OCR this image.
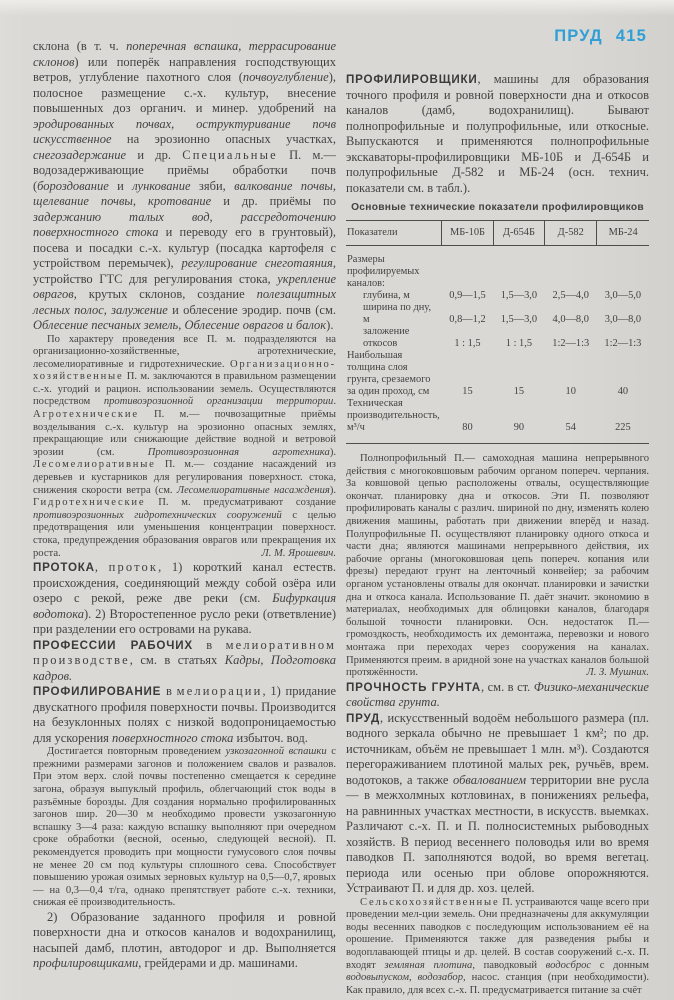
ПРУД 415

склона (в т. ч. поперечная вспашка, террасирование склонов) или поперёк направления господствующих ветров, углубление пахотного слоя (почвоуглубление), полосное размещение с.-х. культур, внесение повышенных доз органич. и минер. удобрений на эродированных почвах, оструктуривание почв искусственное на эрозионно опасных участках, снегозадержание и др. Специальные П. м.— водозадерживающие приёмы обработки почв (бороздование и лункование зяби, валкование почвы, щелевание почвы, кротование и др. приёмы по задержанию талых вод, рассредоточению поверхностного стока и переводу его в грунтовый), посева и посадки с.-х. культур (посадка картофеля с устройством перемычек), регулирование снеготаяния, устройство ГТС для регулирования стока, укрепление оврагов, крутых склонов, создание полезащитных лесных полос, залужение и облесение эродир. почв (см. Облесение песчаных земель, Облесение оврагов и балок).

По характеру проведения все П. м. подразделяются на организационно-хозяйственные, агротехнические, лесомелиоративные и гидротехнические. Организационно-хозяйственные П. м. заключаются в правильном размещении с.-х. угодий и рацион. использовании земель. Осуществляются посредством противоэрозионной организации территории. Агротехнические П. м.— почвозащитные приёмы возделывания с.-х. культур на эрозионно опасных землях, прекращающие или снижающие действие водной и ветровой эрозии (см. Противоэрозионная агротехника). Лесомелиоративные П. м.— создание насаждений из деревьев и кустарников для регулирования поверхност. стока, снижения скорости ветра (см. Лесомелиоративные насаждения). Гидротехнические П. м. предусматривают создание противоэрозионных гидротехнических сооружений с целью предотвращения или уменьшения концентрации поверхност. стока, предупреждения образования оврагов или прекращения их роста.	Л. М. Ярошевич.

ПРОТОКА, проток, 1) короткий канал естеств. происхождения, соединяющий между собой озёра или озеро с рекой, реже две реки (см. Бифуркация водотока). 2) Второстепенное русло реки (ответвление) при разделении его островами на рукава.

ПРОФЕССИИ РАБОЧИХ в мелиоративном производстве, см. в статьях Кадры, Подготовка кадров.

ПРОФИЛИРОВАНИЕ в мелиорации, 1) придание двускатного профиля поверхности почвы. Производится на безуклонных полях с низкой водопроницаемостью для ускорения поверхностного стока избыточ. вод.

Достигается повторным проведением узкозагонной вспашки с прежними размерами загонов и положением свалов и развалов. При этом верх. слой почвы постепенно смещается к середине загона, образуя выпуклый профиль, облегчающий сток воды в разъёмные борозды. Для создания нормально профилированных загонов шир. 20—30 м необходимо провести узкозагонную вспашку 3—4 раза: каждую вспашку выполняют при очередном сроке обработки (весной, осенью, следующей весной). П. рекомендуется проводить при мощности гумусового слоя почвы не менее 20 см под культуры сплошного сева. Способствует повышению урожая озимых зерновых культур на 0,5—0,7, яровых — на 0,3—0,4 т/га, однако препятствует работе с.-х. техники, снижая её производительность.

2) Образование заданного профиля и ровной поверхности дна и откосов каналов и водохранилищ, насыпей дамб, плотин, автодорог и др. Выполняется профилировщиками, грейдерами и др. машинами.

ПРОФИЛИРОВЩИКИ, машины для образования точного профиля и ровной поверхности дна и откосов каналов (дамб, водохранилищ). Бывают полнопрофильные и полупрофильные, или откосные. Выпускаются и применяются полнопрофильные экскаваторы-профилировщики МБ-10Б и Д-654Б и полупрофильные Д-582 и МБ-24 (осн. технич. показатели см. в табл.).

Основные технические показатели профилировщиков

Показатели	МБ-10Б	Д-654Б	Д-582	МБ-24
Размеры профилируемых каналов:				
глубина, м	0,9—1,5	1,5—3,0	2,5—4,0	3,0—5,0
ширина по дну, м	0,8—1,2	1,5—3,0	4,0—8,0	3,0—8,0
заложение откосов	1 : 1,5	1 : 1,5	1:2—1:3	1:2—1:3
Наибольшая толщина слоя грунта, срезаемого за один проход, см	15	15	10	40
Техническая производительность, м³/ч	80	90	54	225

Полнопрофильный П.— самоходная машина непрерывного действия с многоковшовым рабочим органом попереч. черпания. За ковшовой цепью расположены отвалы, осуществляющие окончат. планировку дна и откосов. Эти П. позволяют профилировать каналы с различ. шириной по дну, изменять колею движения машины, работать при движении вперёд и назад. Полупрофильные П. осуществляют планировку одного откоса и части дна; являются машинами непрерывного действия, их рабочие органы (многоковшовая цепь попереч. копания или фрезы) передают грунт на ленточный конвейер; за рабочим органом установлены отвалы для окончат. планировки и зачистки дна и откоса канала. Использование П. даёт значит. экономию в материалах, необходимых для облицовки каналов, благодаря большой точности планировки. Осн. недостаток П.— громоздкость, необходимость их демонтажа, перевозки и нового монтажа при переходах через сооружения на каналах. Применяются преим. в аридной зоне на участках каналов большой протяжённости.	Л. З. Мушних.

ПРОЧНОСТЬ ГРУНТА, см. в ст. Физико-механические свойства грунта.

ПРУД, искусственный водоём небольшого размера (пл. водного зеркала обычно не превышает 1 км²; по др. источникам, объём не превышает 1 млн. м³). Создаются перегораживанием плотиной малых рек, ручьёв, врем. водотоков, а также обвалованием территории вне русла — в межхолмных котловинах, в понижениях рельефа, на равнинных участках местности, в искусств. выемках. Различают с.-х. П. и П. полносистемных рыбоводных хозяйств. В период весеннего половодья или во время паводков П. заполняются водой, во время вегетац. периода или осенью при облове опорожняются. Устраивают П. и для др. хоз. целей.

Сельскохозяйственные П. устраиваются чаще всего при проведении мел-ции земель. Они предназначены для аккумуляции воды весенних паводков с последующим использованием её на орошение. Применяются также для разведения рыбы и водоплавающей птицы и др. целей. В состав сооружений с.-х. П. входят земляная плотина, паводковый водосброс с донным водовыпуском, водозабор, насос. станция (при необходимости). Как правило, для всех с.-х. П. предусматривается питание за счёт
